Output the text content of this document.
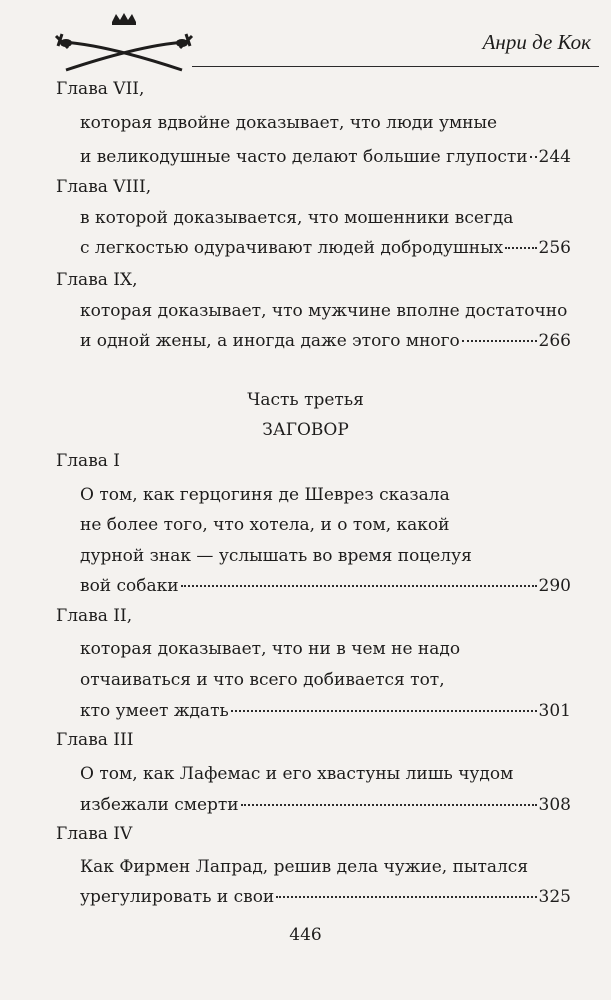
Анри де Кок
Глава VII,
которая вдвойне доказывает, что люди умные
и великодушные часто делают большие глупости 244
Глава VIII,
в которой доказывается, что мошенники всегда
с легкостью одурачивают людей добродушных 256
Глава IX,
которая доказывает, что мужчине вполне достаточно
и одной жены, а иногда даже этого много	266
Часть третья
ЗАГОВОР
Глава I
О том, как герцогиня де Шеврез сказала
не более того, что хотела, и о том, какой
дурной знак — услышать во время поцелуя
вой собаки	290
Глава II,
которая доказывает, что ни в чем не надо
отчаиваться и что всего добивается тот,
кто умеет ждать	301
Глава III
О том, как Лафемас и его хвастуны лишь чудом
избежали смерти	308
Глава IV
Как Фирмен Лапрад, решив дела чужие, пытался
урегулировать и свои	325
446
